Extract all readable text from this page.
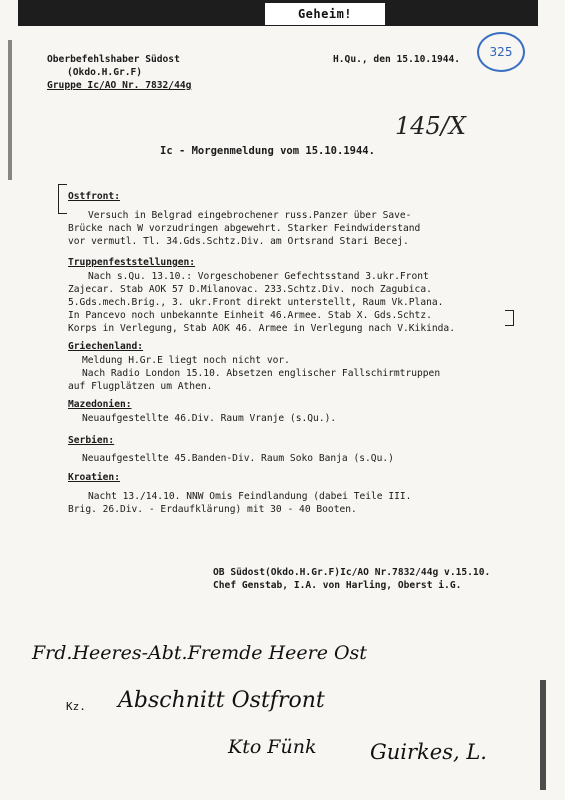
Geheim!
325
145/X
Oberbefehlshaber Südost
(Okdo.H.Gr.F)
Gruppe Ic/AO Nr. 7832/44g
H.Qu., den 15.10.1944.
Ic - Morgenmeldung vom 15.10.1944.
Ostfront:
Versuch in Belgrad eingebrochener russ.Panzer über Save-
Brücke nach W vorzudringen abgewehrt. Starker Feindwiderstand
vor vermutl. Tl. 34.Gds.Schtz.Div. am Ortsrand Stari Becej.
Truppenfeststellungen:
Nach s.Qu. 13.10.: Vorgeschobener Gefechtsstand 3.ukr.Front
Zajecar. Stab AOK 57 D.Milanovac. 233.Schtz.Div. noch Zagubica.
5.Gds.mech.Brig., 3. ukr.Front direkt unterstellt, Raum Vk.Plana.
In Pancevo noch unbekannte Einheit 46.Armee. Stab X. Gds.Schtz.
Korps in Verlegung, Stab AOK 46. Armee in Verlegung nach V.Kikinda.
Griechenland:
Meldung H.Gr.E liegt noch nicht vor.
Nach Radio London 15.10. Absetzen englischer Fallschirmtruppen
auf Flugplätzen um Athen.
Mazedonien:
Neuaufgestellte 46.Div. Raum Vranje (s.Qu.).
Serbien:
Neuaufgestellte 45.Banden-Div. Raum Soko Banja (s.Qu.)
Kroatien:
Nacht 13./14.10. NNW Omis Feindlandung (dabei Teile III.
Brig. 26.Div. - Erdaufklärung) mit 30 - 40 Booten.
OB Südost(Okdo.H.Gr.F)Ic/AO Nr.7832/44g v.15.10.
Chef Genstab, I.A. von Harling, Oberst i.G.
Frd.Heeres-Abt.Fremde Heere Ost
Kz. Abschnitt Ostfront
Kto Fünk	Guirkes, L.
